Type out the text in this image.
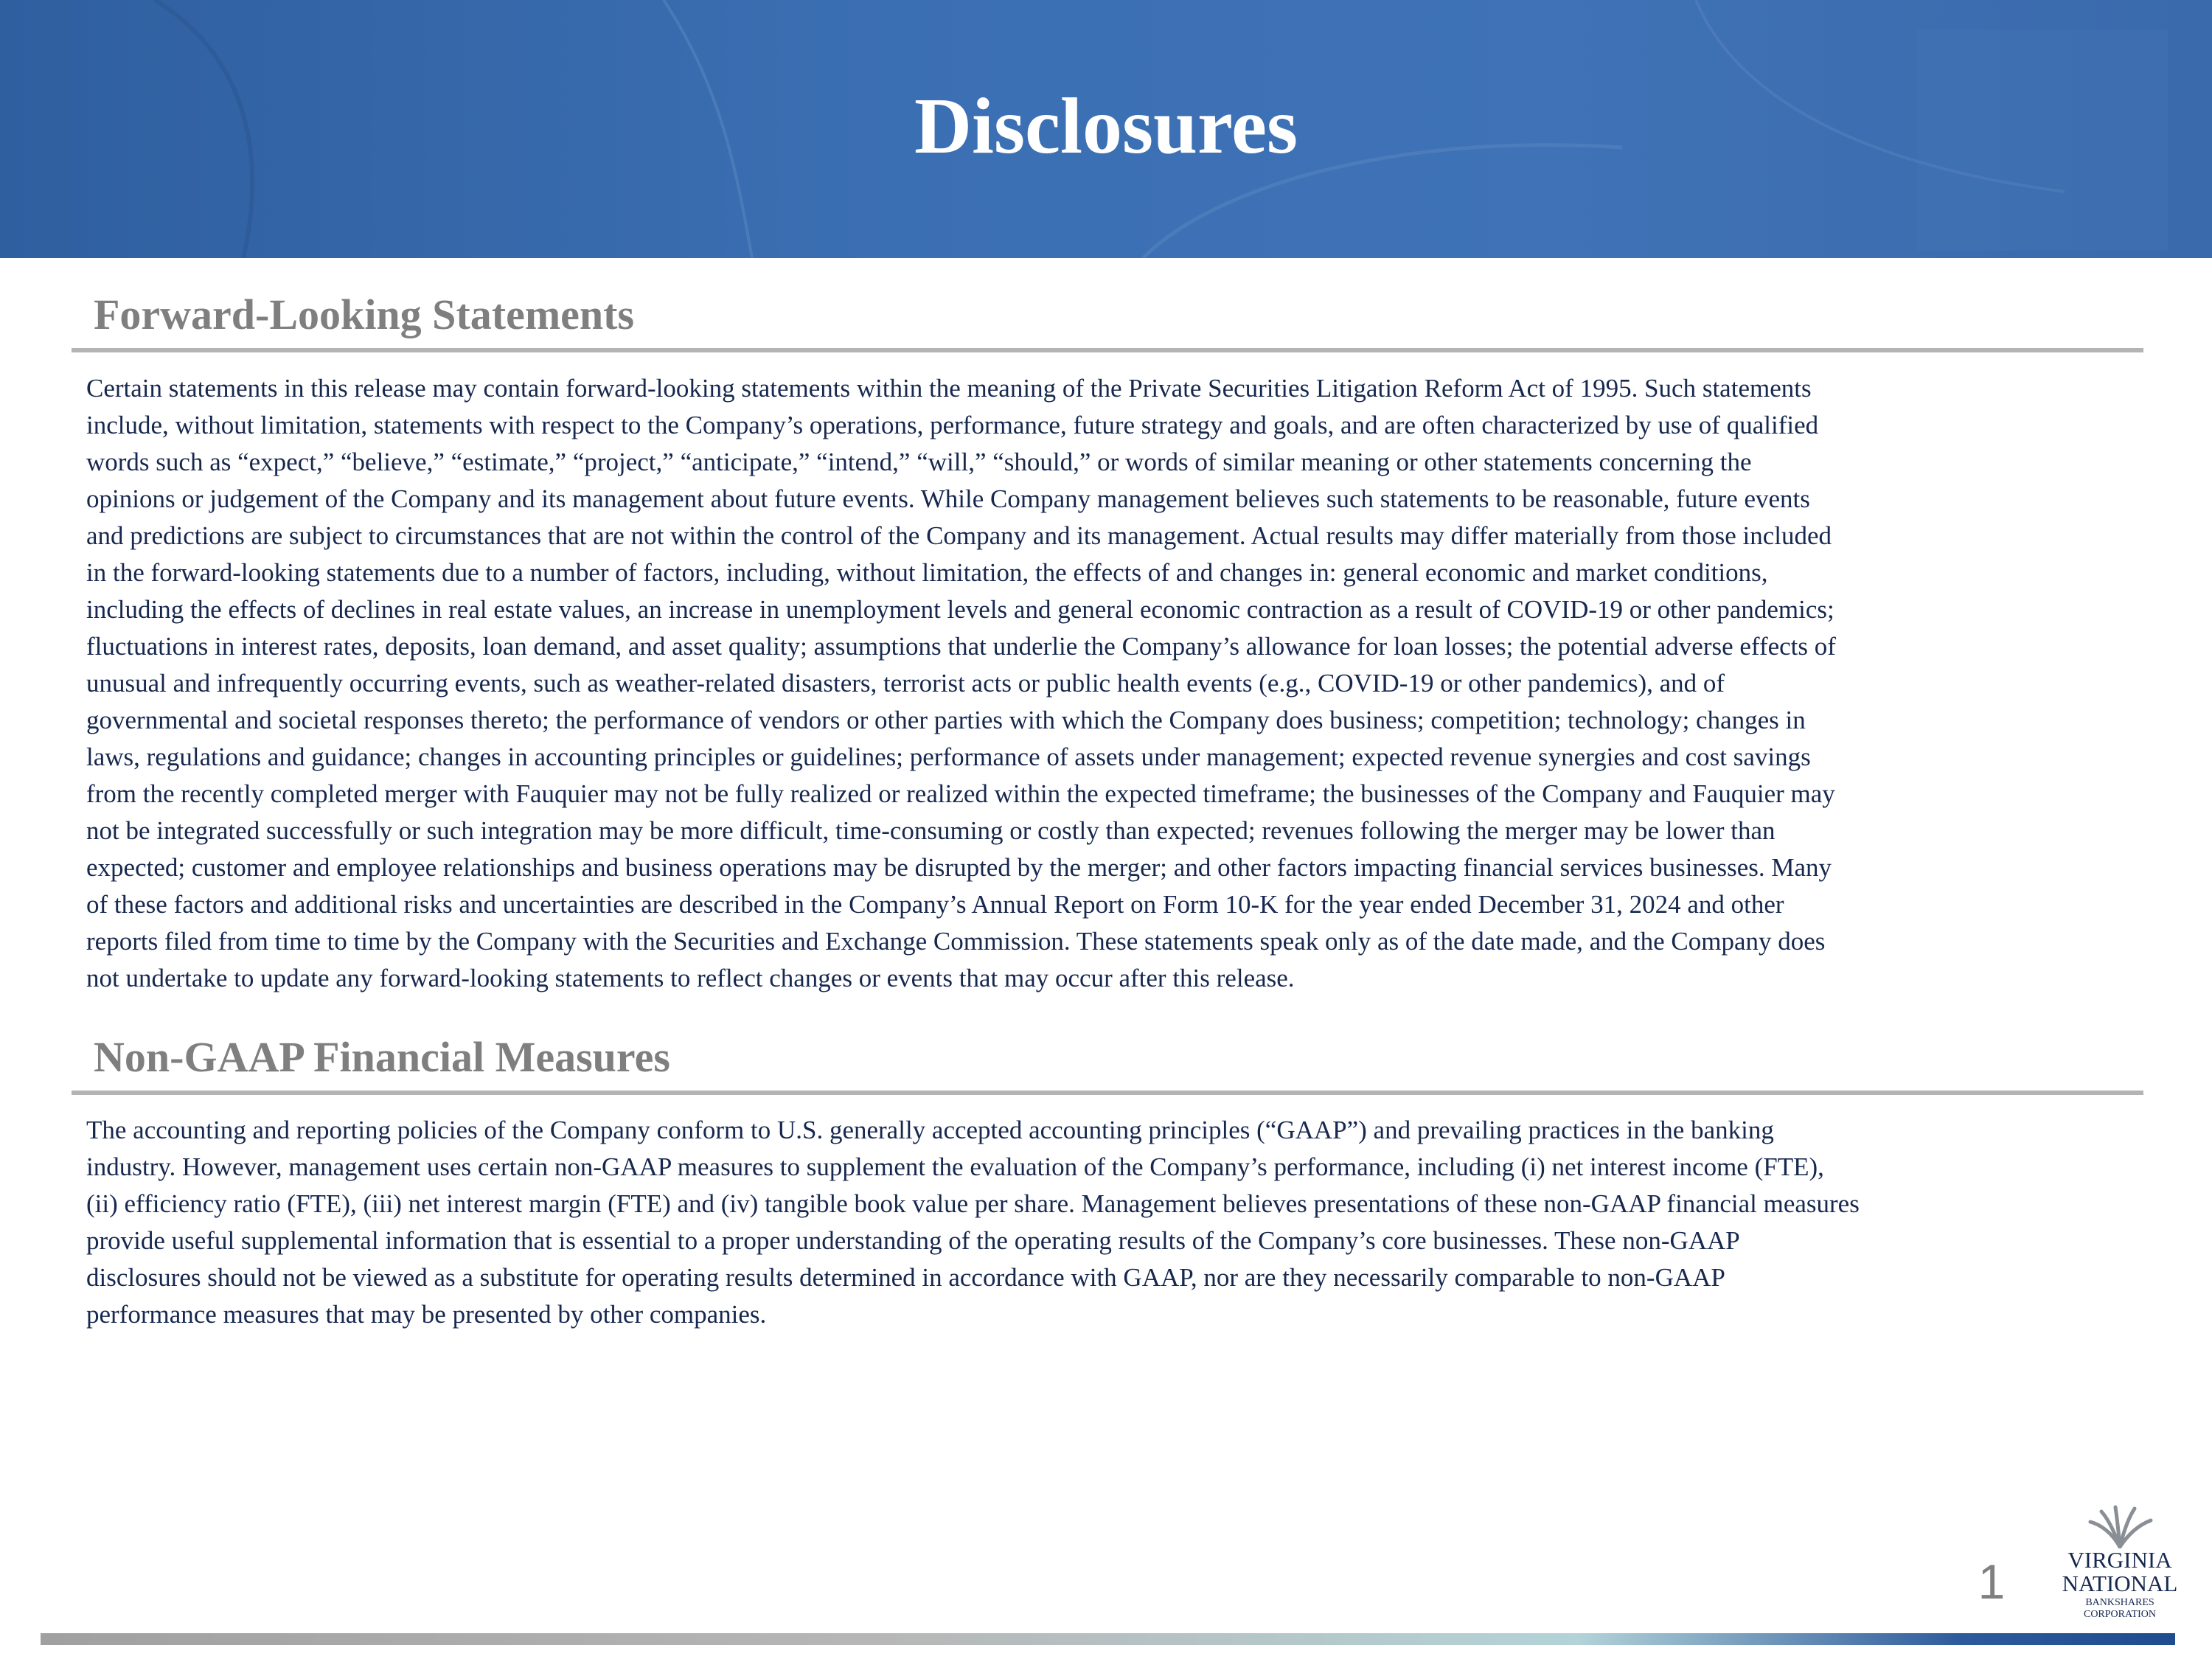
Disclosures
Forward-Looking Statements
Certain statements in this release may contain forward-looking statements within the meaning of the Private Securities Litigation Reform Act of 1995. Such statements
include, without limitation, statements with respect to the Company’s operations, performance, future strategy and goals, and are often characterized by use of qualified
words such as “expect,” “believe,” “estimate,” “project,” “anticipate,” “intend,” “will,” “should,” or words of similar meaning or other statements concerning the
opinions or judgement of the Company and its management about future events. While Company management believes such statements to be reasonable, future events
and predictions are subject to circumstances that are not within the control of the Company and its management. Actual results may differ materially from those included
in the forward-looking statements due to a number of factors, including, without limitation, the effects of and changes in: general economic and market conditions,
including the effects of declines in real estate values, an increase in unemployment levels and general economic contraction as a result of COVID-19 or other pandemics;
fluctuations in interest rates, deposits, loan demand, and asset quality; assumptions that underlie the Company’s allowance for loan losses; the potential adverse effects of
unusual and infrequently occurring events, such as weather-related disasters, terrorist acts or public health events (e.g., COVID-19 or other pandemics), and of
governmental and societal responses thereto; the performance of vendors or other parties with which the Company does business; competition; technology; changes in
laws, regulations and guidance; changes in accounting principles or guidelines; performance of assets under management; expected revenue synergies and cost savings
from the recently completed merger with Fauquier may not be fully realized or realized within the expected timeframe; the businesses of the Company and Fauquier may
not be integrated successfully or such integration may be more difficult, time-consuming or costly than expected; revenues following the merger may be lower than
expected; customer and employee relationships and business operations may be disrupted by the merger; and other factors impacting financial services businesses. Many
of these factors and additional risks and uncertainties are described in the Company’s Annual Report on Form 10-K for the year ended December 31, 2024 and other
reports filed from time to time by the Company with the Securities and Exchange Commission. These statements speak only as of the date made, and the Company does
not undertake to update any forward-looking statements to reflect changes or events that may occur after this release.
Non-GAAP Financial Measures
The accounting and reporting policies of the Company conform to U.S. generally accepted accounting principles (“GAAP”) and prevailing practices in the banking
industry. However, management uses certain non-GAAP measures to supplement the evaluation of the Company’s performance, including (i) net interest income (FTE),
(ii) efficiency ratio (FTE), (iii) net interest margin (FTE) and (iv) tangible book value per share. Management believes presentations of these non-GAAP financial measures
provide useful supplemental information that is essential to a proper understanding of the operating results of the Company’s core businesses. These non-GAAP
disclosures should not be viewed as a substitute for operating results determined in accordance with GAAP, nor are they necessarily comparable to non-GAAP
performance measures that may be presented by other companies.
1	VIRGINIA
NATIONAL
BANKSHARES
CORPORATION
